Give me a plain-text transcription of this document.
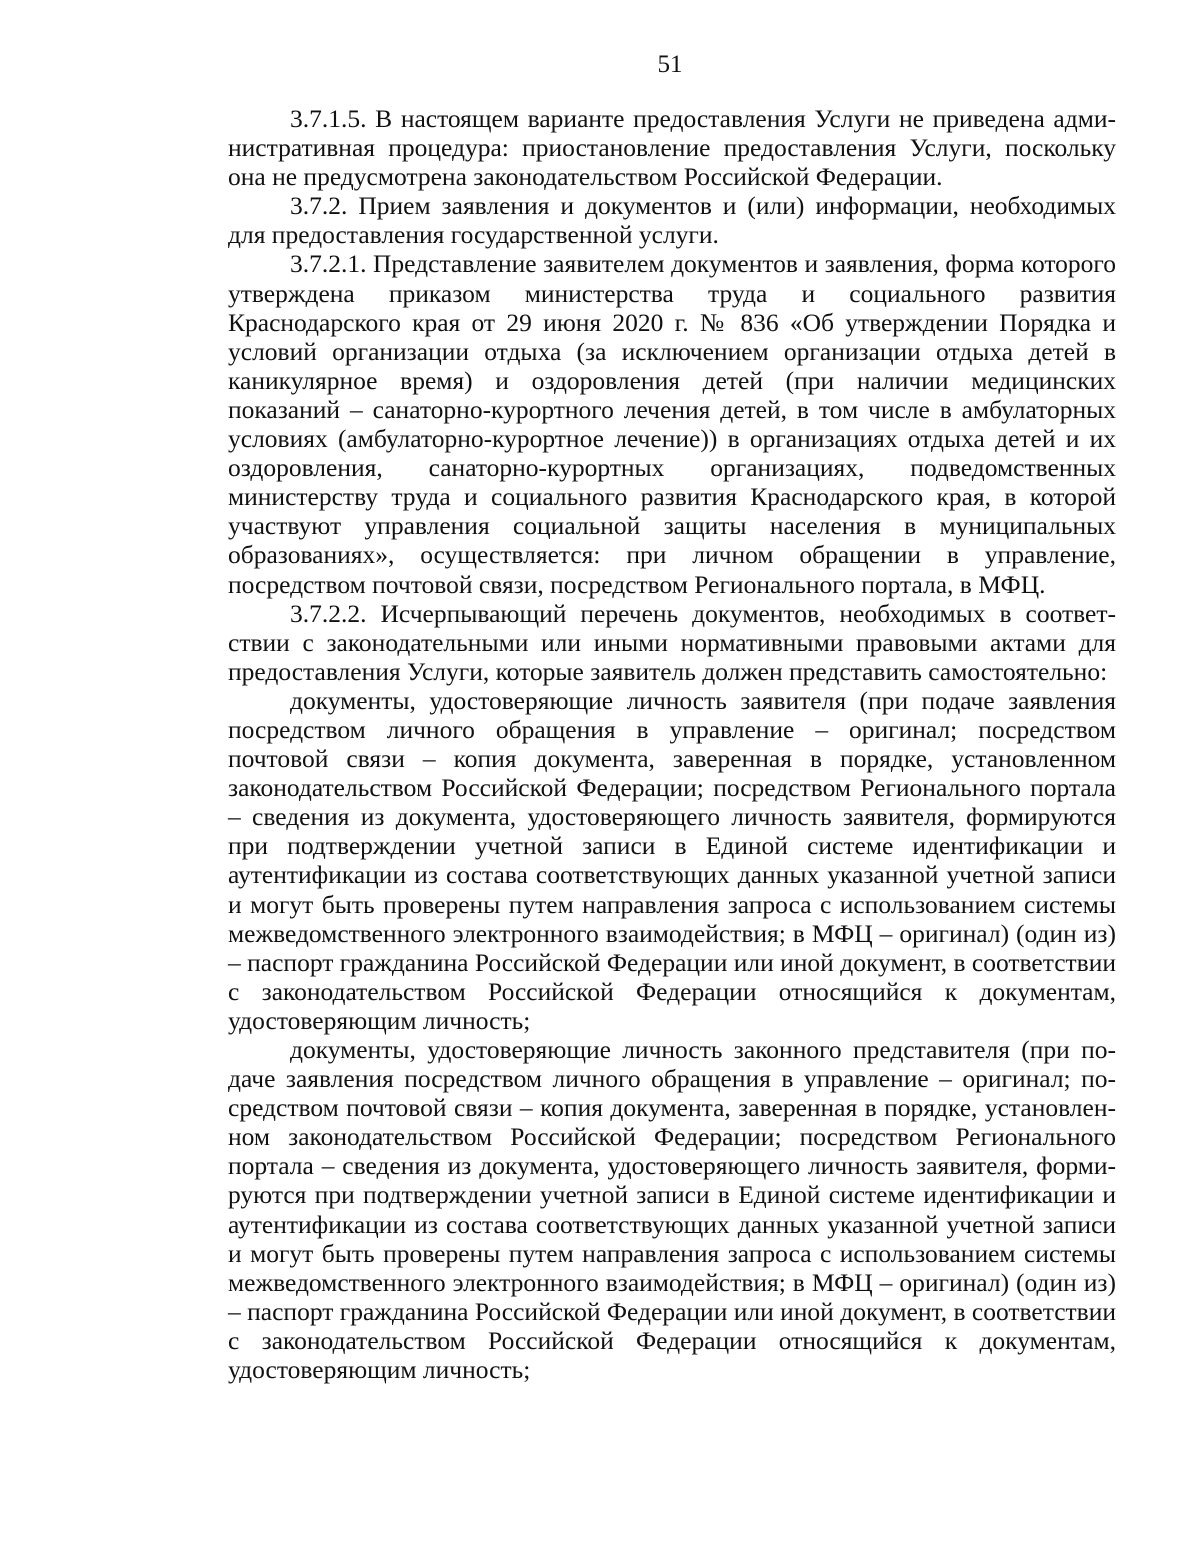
51

3.7.1.5. В настоящем варианте предоставления Услуги не приведена административная процедура: приостановление предоставления Услуги, поскольку она не предусмотрена законодательством Российской Федерации.

3.7.2. Прием заявления и документов и (или) информации, необходимых для предоставления государственной услуги.

3.7.2.1. Представление заявителем документов и заявления, форма которого утверждена приказом министерства труда и социального развития Краснодарского края от 29 июня 2020 г. № 836 «Об утверждении Порядка и условий организации отдыха (за исключением организации отдыха детей в каникулярное время) и оздоровления детей (при наличии медицинских показаний – санаторно-курортного лечения детей, в том числе в амбулаторных условиях (амбулаторно-курортное лечение)) в организациях отдыха детей и их оздоровления, санаторно-курортных организациях, подведомственных министерству труда и социального развития Краснодарского края, в которой участвуют управления социальной защиты населения в муниципальных образованиях», осуществляется: при личном обращении в управление, посредством почтовой связи, посредством Регионального портала, в МФЦ.

3.7.2.2. Исчерпывающий перечень документов, необходимых в соответствии с законодательными или иными нормативными правовыми актами для предоставления Услуги, которые заявитель должен представить самостоятельно:

документы, удостоверяющие личность заявителя (при подаче заявления посредством личного обращения в управление – оригинал; посредством почтовой связи – копия документа, заверенная в порядке, установленном законодательством Российской Федерации; посредством Регионального портала – сведения из документа, удостоверяющего личность заявителя, формируются при подтверждении учетной записи в Единой системе идентификации и аутентификации из состава соответствующих данных указанной учетной записи и могут быть проверены путем направления запроса с использованием системы межведомственного электронного взаимодействия; в МФЦ – оригинал) (один из) – паспорт гражданина Российской Федерации или иной документ, в соответствии с законодательством Российской Федерации относящийся к документам, удостоверяющим личность;

документы, удостоверяющие личность законного представителя (при подаче заявления посредством личного обращения в управление – оригинал; посредством почтовой связи – копия документа, заверенная в порядке, установленном законодательством Российской Федерации; посредством Регионального портала – сведения из документа, удостоверяющего личность заявителя, формируются при подтверждении учетной записи в Единой системе идентификации и аутентификации из состава соответствующих данных указанной учетной записи и могут быть проверены путем направления запроса с использованием системы межведомственного электронного взаимодействия; в МФЦ – оригинал) (один из) – паспорт гражданина Российской Федерации или иной документ, в соответствии с законодательством Российской Федерации относящийся к документам, удостоверяющим личность;
